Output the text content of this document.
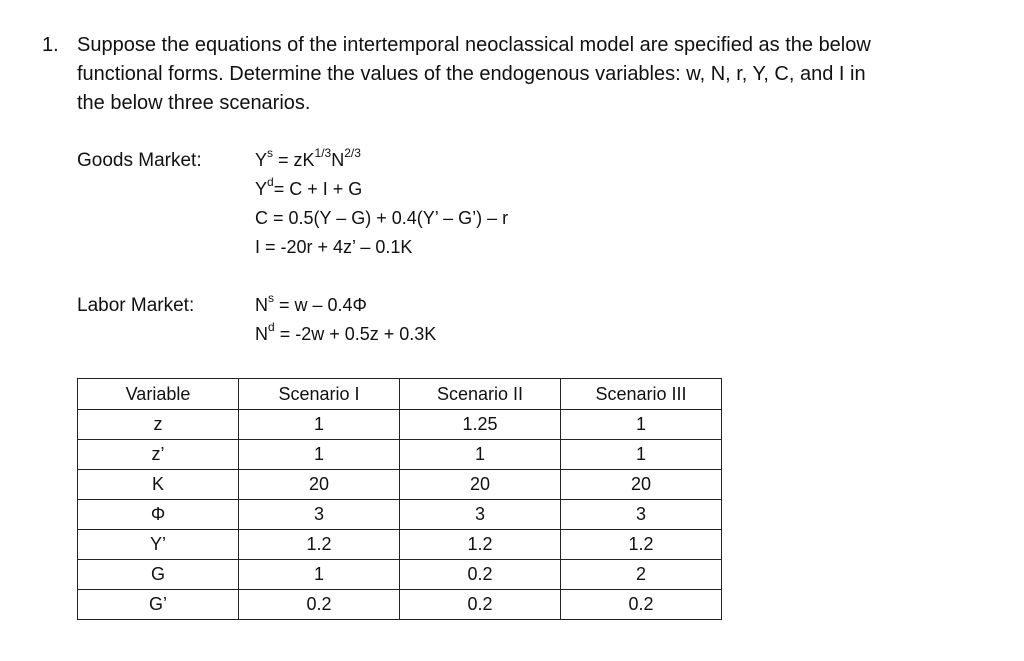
1. Suppose the equations of the intertemporal neoclassical model are specified as the below
functional forms. Determine the values of the endogenous variables: w, N, r, Y, C, and I in
the below three scenarios.
Goods Market:	$Y^s = zK^{1/3}N^{2/3}$
$Y^d= C + I + G$
C = 0.5(Y – G) + 0.4(Y’ – G’) – r
I = -20r + 4z’ – 0.1K
Labor Market:	$N^s = w - 0.4\Phi$
$N^d = -2w + 0.5z + 0.3K$
Variable	Scenario I	Scenario II	Scenario III
z	1	1.25	1
z’	1	1	1
K	20	20	20
Φ	3	3	3
Y’	1.2	1.2	1.2
G	1	0.2	2
G’	0.2	0.2	0.2
